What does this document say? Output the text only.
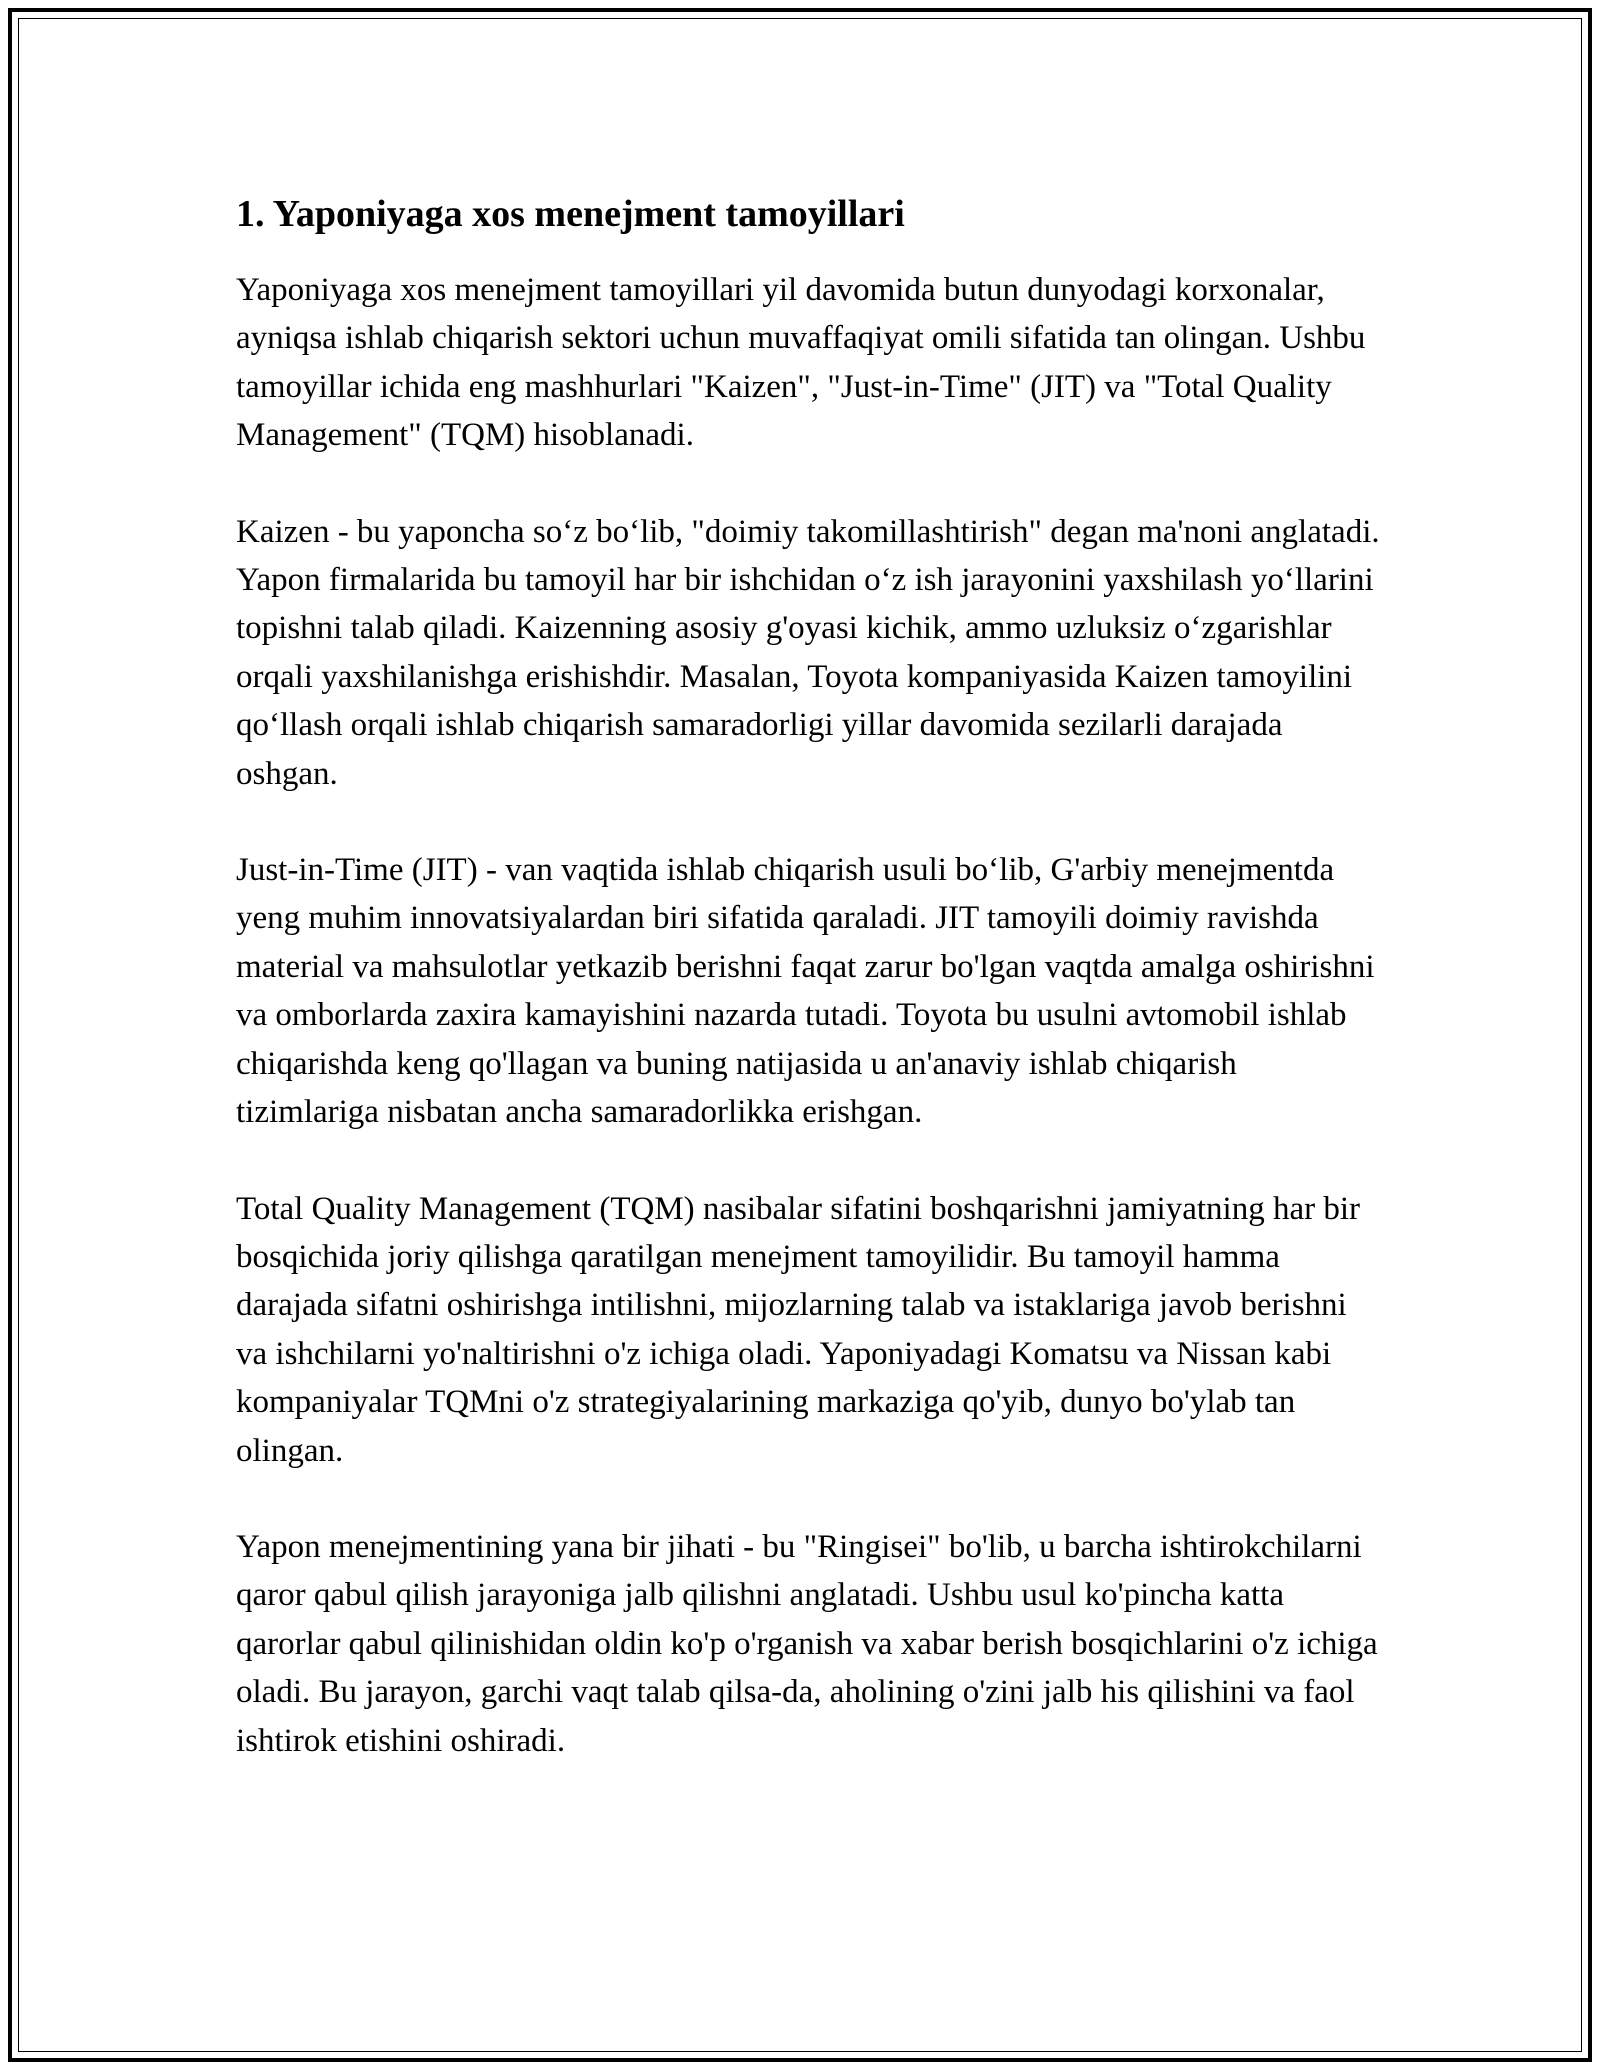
1. Yaponiyaga xos menejment tamoyillari

Yaponiyaga xos menejment tamoyillari yil davomida butun dunyodagi korxonalar, ayniqsa ishlab chiqarish sektori uchun muvaffaqiyat omili sifatida tan olingan. Ushbu tamoyillar ichida eng mashhurlari "Kaizen", "Just-in-Time" (JIT) va "Total Quality Management" (TQM) hisoblanadi.

Kaizen - bu yaponcha so‘z bo‘lib, "doimiy takomillashtirish" degan ma'noni anglatadi. Yapon firmalarida bu tamoyil har bir ishchidan o‘z ish jarayonini yaxshilash yo‘llarini topishni talab qiladi. Kaizenning asosiy g'oyasi kichik, ammo uzluksiz o‘zgarishlar orqali yaxshilanishga erishishdir. Masalan, Toyota kompaniyasida Kaizen tamoyilini qo‘llash orqali ishlab chiqarish samaradorligi yillar davomida sezilarli darajada oshgan.

Just-in-Time (JIT) - van vaqtida ishlab chiqarish usuli bo‘lib, G'arbiy menejmentda yeng muhim innovatsiyalardan biri sifatida qaraladi. JIT tamoyili doimiy ravishda material va mahsulotlar yetkazib berishni faqat zarur bo'lgan vaqtda amalga oshirishni va omborlarda zaxira kamayishini nazarda tutadi. Toyota bu usulni avtomobil ishlab chiqarishda keng qo'llagan va buning natijasida u an'anaviy ishlab chiqarish tizimlariga nisbatan ancha samaradorlikka erishgan.

Total Quality Management (TQM) nasibalar sifatini boshqarishni jamiyatning har bir bosqichida joriy qilishga qaratilgan menejment tamoyilidir. Bu tamoyil hamma darajada sifatni oshirishga intilishni, mijozlarning talab va istaklariga javob berishni va ishchilarni yo'naltirishni o'z ichiga oladi. Yaponiyadagi Komatsu va Nissan kabi kompaniyalar TQMni o'z strategiyalarining markaziga qo'yib, dunyo bo'ylab tan olingan.

Yapon menejmentining yana bir jihati - bu "Ringisei" bo'lib, u barcha ishtirokchilarni qaror qabul qilish jarayoniga jalb qilishni anglatadi. Ushbu usul ko'pincha katta qarorlar qabul qilinishidan oldin ko'p o'rganish va xabar berish bosqichlarini o'z ichiga oladi. Bu jarayon, garchi vaqt talab qilsa-da, aholining o'zini jalb his qilishini va faol ishtirok etishini oshiradi.
